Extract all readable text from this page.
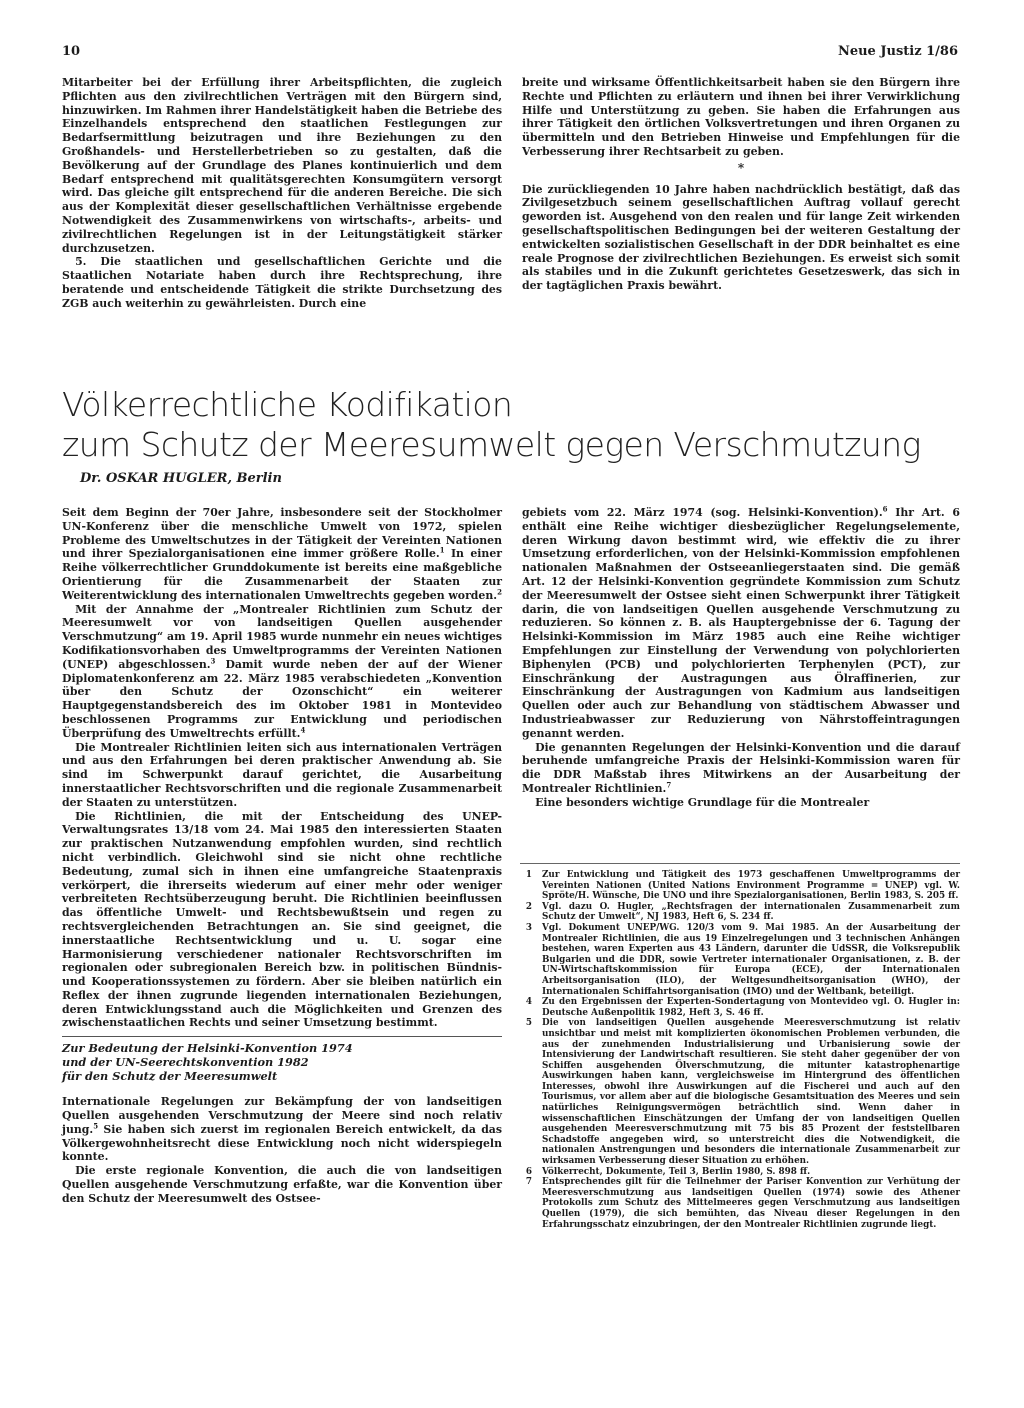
10	Neue Justiz 1/86

Mitarbeiter bei der Erfüllung ihrer Arbeitspflichten, die zugleich Pflichten aus den zivilrechtlichen Verträgen mit den Bürgern sind, hinzuwirken. Im Rahmen ihrer Handelstätigkeit haben die Betriebe des Einzelhandels entsprechend den staatlichen Festlegungen zur Bedarfsermittlung beizutragen und ihre Beziehungen zu den Großhandels- und Herstellerbetrieben so zu gestalten, daß die Bevölkerung auf der Grundlage des Planes kontinuierlich und dem Bedarf entsprechend mit qualitätsgerechten Konsumgütern versorgt wird. Das gleiche gilt entsprechend für die anderen Bereiche. Die sich aus der Komplexität dieser gesellschaftlichen Verhältnisse ergebende Notwendigkeit des Zusammenwirkens von wirtschafts-, arbeits- und zivilrechtlichen Regelungen ist in der Leitungstätigkeit stärker durchzusetzen.

5. Die staatlichen und gesellschaftlichen Gerichte und die Staatlichen Notariate haben durch ihre Rechtsprechung, ihre beratende und entscheidende Tätigkeit die strikte Durchsetzung des ZGB auch weiterhin zu gewährleisten. Durch eine

breite und wirksame Öffentlichkeitsarbeit haben sie den Bürgern ihre Rechte und Pflichten zu erläutern und ihnen bei ihrer Verwirklichung Hilfe und Unterstützung zu geben. Sie haben die Erfahrungen aus ihrer Tätigkeit den örtlichen Volksvertretungen und ihren Organen zu übermitteln und den Betrieben Hinweise und Empfehlungen für die Verbesserung ihrer Rechtsarbeit zu geben.

*

Die zurückliegenden 10 Jahre haben nachdrücklich bestätigt, daß das Zivilgesetzbuch seinem gesellschaftlichen Auftrag vollauf gerecht geworden ist. Ausgehend von den realen und für lange Zeit wirkenden gesellschaftspolitischen Bedingungen bei der weiteren Gestaltung der entwickelten sozialistischen Gesellschaft in der DDR beinhaltet es eine reale Prognose der zivilrechtlichen Beziehungen. Es erweist sich somit als stabiles und in die Zukunft gerichtetes Gesetzeswerk, das sich in der tagtäglichen Praxis bewährt.

Völkerrechtliche Kodifikation
zum Schutz der Meeresumwelt gegen Verschmutzung
Dr. OSKAR HUGLER, Berlin

Seit dem Beginn der 70er Jahre, insbesondere seit der Stockholmer UN-Konferenz über die menschliche Umwelt von 1972, spielen Probleme des Umweltschutzes in der Tätigkeit der Vereinten Nationen und ihrer Spezialorganisationen eine immer größere Rolle.$^1$ In einer Reihe völkerrechtlicher Grunddokumente ist bereits eine maßgebliche Orientierung für die Zusammenarbeit der Staaten zur Weiterentwicklung des internationalen Umweltrechts gegeben worden.$^2$

Mit der Annahme der „Montrealer Richtlinien zum Schutz der Meeresumwelt vor von landseitigen Quellen ausgehender Verschmutzung“ am 19. April 1985 wurde nunmehr ein neues wichtiges Kodifikationsvorhaben des Umweltprogramms der Vereinten Nationen (UNEP) abgeschlossen.$^3$ Damit wurde neben der auf der Wiener Diplomatenkonferenz am 22. März 1985 verabschiedeten „Konvention über den Schutz der Ozonschicht“ ein weiterer Hauptgegenstandsbereich des im Oktober 1981 in Montevideo beschlossenen Programms zur Entwicklung und periodischen Überprüfung des Umweltrechts erfüllt.$^4$

Die Montrealer Richtlinien leiten sich aus internationalen Verträgen und aus den Erfahrungen bei deren praktischer Anwendung ab. Sie sind im Schwerpunkt darauf gerichtet, die Ausarbeitung innerstaatlicher Rechtsvorschriften und die regionale Zusammenarbeit der Staaten zu unterstützen.

Die Richtlinien, die mit der Entscheidung des UNEP-Verwaltungsrates 13/18 vom 24. Mai 1985 den interessierten Staaten zur praktischen Nutzanwendung empfohlen wurden, sind rechtlich nicht verbindlich. Gleichwohl sind sie nicht ohne rechtliche Bedeutung, zumal sich in ihnen eine umfangreiche Staatenpraxis verkörpert, die ihrerseits wiederum auf einer mehr oder weniger verbreiteten Rechtsüberzeugung beruht. Die Richtlinien beeinflussen das öffentliche Umwelt- und Rechtsbewußtsein und regen zu rechtsvergleichenden Betrachtungen an. Sie sind geeignet, die innerstaatliche Rechtsentwicklung und u. U. sogar eine Harmonisierung verschiedener nationaler Rechtsvorschriften im regionalen oder subregionalen Bereich bzw. in politischen Bündnis- und Kooperationssystemen zu fördern. Aber sie bleiben natürlich ein Reflex der ihnen zugrunde liegenden internationalen Beziehungen, deren Entwicklungsstand auch die Möglichkeiten und Grenzen des zwischenstaatlichen Rechts und seiner Umsetzung bestimmt.

Zur Bedeutung der Helsinki-Konvention 1974
und der UN-Seerechtskonvention 1982
für den Schutz der Meeresumwelt

Internationale Regelungen zur Bekämpfung der von landseitigen Quellen ausgehenden Verschmutzung der Meere sind noch relativ jung.$^5$ Sie haben sich zuerst im regionalen Bereich entwickelt, da das Völkergewohnheitsrecht diese Entwicklung noch nicht widerspiegeln konnte.

Die erste regionale Konvention, die auch die von landseitigen Quellen ausgehende Verschmutzung erfaßte, war die Konvention über den Schutz der Meeresumwelt des Ostsee-

gebiets vom 22. März 1974 (sog. Helsinki-Konvention).$^6$ Ihr Art. 6 enthält eine Reihe wichtiger diesbezüglicher Regelungselemente, deren Wirkung davon bestimmt wird, wie effektiv die zu ihrer Umsetzung erforderlichen, von der Helsinki-Kommission empfohlenen nationalen Maßnahmen der Ostseeanliegerstaaten sind. Die gemäß Art. 12 der Helsinki-Konvention gegründete Kommission zum Schutz der Meeresumwelt der Ostsee sieht einen Schwerpunkt ihrer Tätigkeit darin, die von landseitigen Quellen ausgehende Verschmutzung zu reduzieren. So können z. B. als Hauptergebnisse der 6. Tagung der Helsinki-Kommission im März 1985 auch eine Reihe wichtiger Empfehlungen zur Einstellung der Verwendung von polychlorierten Biphenylen (PCB) und polychlorierten Terphenylen (PCT), zur Einschränkung der Austragungen aus Ölraffinerien, zur Einschränkung der Austragungen von Kadmium aus landseitigen Quellen oder auch zur Behandlung von städtischem Abwasser und Industrieabwasser zur Reduzierung von Nährstoffeintragungen genannt werden.

Die genannten Regelungen der Helsinki-Konvention und die darauf beruhende umfangreiche Praxis der Helsinki-Kommission waren für die DDR Maßstab ihres Mitwirkens an der Ausarbeitung der Montrealer Richtlinien.$^7$

Eine besonders wichtige Grundlage für die Montrealer

1 Zur Entwicklung und Tätigkeit des 1973 geschaffenen Umweltprogramms der Vereinten Nationen (United Nations Environment Programme = UNEP) vgl. W. Spröte/H. Wünsche, Die UNO und ihre Spezialorganisationen, Berlin 1983, S. 205 ff.
2 Vgl. dazu O. Hugler, „Rechtsfragen der internationalen Zusammenarbeit zum Schutz der Umwelt“, NJ 1983, Heft 6, S. 234 ff.
3 Vgl. Dokument UNEP/WG. 120/3 vom 9. Mai 1985. An der Ausarbeitung der Montrealer Richtlinien, die aus 19 Einzelregelungen und 3 technischen Anhängen bestehen, waren Experten aus 43 Ländern, darunter die UdSSR, die Volksrepublik Bulgarien und die DDR, sowie Vertreter internationaler Organisationen, z. B. der UN-Wirtschaftskommission für Europa (ECE), der Internationalen Arbeitsorganisation (ILO), der Weltgesundheitsorganisation (WHO), der Internationalen Schiffahrtsorganisation (IMO) und der Weltbank, beteiligt.
4 Zu den Ergebnissen der Experten-Sondertagung von Montevideo vgl. O. Hugler in: Deutsche Außenpolitik 1982, Heft 3, S. 46 ff.
5 Die von landseitigen Quellen ausgehende Meeresverschmutzung ist relativ unsichtbar und meist mit komplizierten ökonomischen Problemen verbunden, die aus der zunehmenden Industrialisierung und Urbanisierung sowie der Intensivierung der Landwirtschaft resultieren. Sie steht daher gegenüber der von Schiffen ausgehenden Ölverschmutzung, die mitunter katastrophenartige Auswirkungen haben kann, vergleichsweise im Hintergrund des öffentlichen Interesses, obwohl ihre Auswirkungen auf die Fischerei und auch auf den Tourismus, vor allem aber auf die biologische Gesamtsituation des Meeres und sein natürliches Reinigungsvermögen beträchtlich sind. Wenn daher in wissenschaftlichen Einschätzungen der Umfang der von landseitigen Quellen ausgehenden Meeresverschmutzung mit 75 bis 85 Prozent der feststellbaren Schadstoffe angegeben wird, so unterstreicht dies die Notwendigkeit, die nationalen Anstrengungen und besonders die internationale Zusammenarbeit zur wirksamen Verbesserung dieser Situation zu erhöhen.
6 Völkerrecht, Dokumente, Teil 3, Berlin 1980, S. 898 ff.
7 Entsprechendes gilt für die Teilnehmer der Pariser Konvention zur Verhütung der Meeresverschmutzung aus landseitigen Quellen (1974) sowie des Athener Protokolls zum Schutz des Mittelmeeres gegen Verschmutzung aus landseitigen Quellen (1979), die sich bemühten, das Niveau dieser Regelungen in den Erfahrungsschatz einzubringen, der den Montrealer Richtlinien zugrunde liegt.
